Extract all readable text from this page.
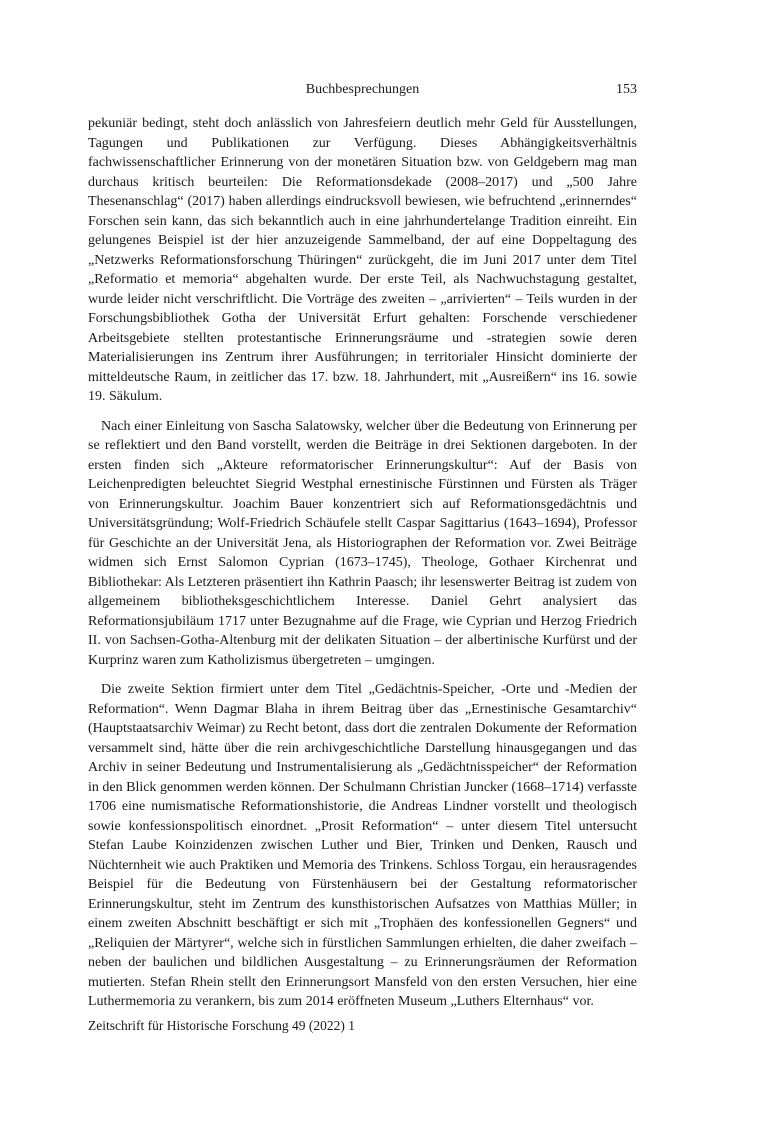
Buchbesprechungen	153

pekuniär bedingt, steht doch anlässlich von Jahresfeiern deutlich mehr Geld für Ausstellungen, Tagungen und Publikationen zur Verfügung. Dieses Abhängigkeitsverhältnis fachwissenschaftlicher Erinnerung von der monetären Situation bzw. von Geldgebern mag man durchaus kritisch beurteilen: Die Reformationsdekade (2008–2017) und „500 Jahre Thesenanschlag“ (2017) haben allerdings eindrucksvoll bewiesen, wie befruchtend „erinnerndes“ Forschen sein kann, das sich bekanntlich auch in eine jahrhundertelange Tradition einreiht. Ein gelungenes Beispiel ist der hier anzuzeigende Sammelband, der auf eine Doppeltagung des „Netzwerks Reformationsforschung Thüringen“ zurückgeht, die im Juni 2017 unter dem Titel „Reformatio et memoria“ abgehalten wurde. Der erste Teil, als Nachwuchstagung gestaltet, wurde leider nicht verschriftlicht. Die Vorträge des zweiten – „arrivierten“ – Teils wurden in der Forschungsbibliothek Gotha der Universität Erfurt gehalten: Forschende verschiedener Arbeitsgebiete stellten protestantische Erinnerungsräume und -strategien sowie deren Materialisierungen ins Zentrum ihrer Ausführungen; in territorialer Hinsicht dominierte der mitteldeutsche Raum, in zeitlicher das 17. bzw. 18. Jahrhundert, mit „Ausreißern“ ins 16. sowie 19. Säkulum.

Nach einer Einleitung von Sascha Salatowsky, welcher über die Bedeutung von Erinnerung per se reflektiert und den Band vorstellt, werden die Beiträge in drei Sektionen dargeboten. In der ersten finden sich „Akteure reformatorischer Erinnerungskultur“: Auf der Basis von Leichenpredigten beleuchtet Siegrid Westphal ernestinische Fürstinnen und Fürsten als Träger von Erinnerungskultur. Joachim Bauer konzentriert sich auf Reformationsgedächtnis und Universitätsgründung; Wolf-Friedrich Schäufele stellt Caspar Sagittarius (1643–1694), Professor für Geschichte an der Universität Jena, als Historiographen der Reformation vor. Zwei Beiträge widmen sich Ernst Salomon Cyprian (1673–1745), Theologe, Gothaer Kirchenrat und Bibliothekar: Als Letzteren präsentiert ihn Kathrin Paasch; ihr lesenswerter Beitrag ist zudem von allgemeinem bibliotheksgeschichtlichem Interesse. Daniel Gehrt analysiert das Reformationsjubiläum 1717 unter Bezugnahme auf die Frage, wie Cyprian und Herzog Friedrich II. von Sachsen-Gotha-Altenburg mit der delikaten Situation – der albertinische Kurfürst und der Kurprinz waren zum Katholizismus übergetreten – umgingen.

Die zweite Sektion firmiert unter dem Titel „Gedächtnis-Speicher, -Orte und -Medien der Reformation“. Wenn Dagmar Blaha in ihrem Beitrag über das „Ernestinische Gesamtarchiv“ (Hauptstaatsarchiv Weimar) zu Recht betont, dass dort die zentralen Dokumente der Reformation versammelt sind, hätte über die rein archivgeschichtliche Darstellung hinausgegangen und das Archiv in seiner Bedeutung und Instrumentalisierung als „Gedächtnisspeicher“ der Reformation in den Blick genommen werden können. Der Schulmann Christian Juncker (1668–1714) verfasste 1706 eine numismatische Reformationshistorie, die Andreas Lindner vorstellt und theologisch sowie konfessionspolitisch einordnet. „Prosit Reformation“ – unter diesem Titel untersucht Stefan Laube Koinzidenzen zwischen Luther und Bier, Trinken und Denken, Rausch und Nüchternheit wie auch Praktiken und Memoria des Trinkens. Schloss Torgau, ein herausragendes Beispiel für die Bedeutung von Fürstenhäusern bei der Gestaltung reformatorischer Erinnerungskultur, steht im Zentrum des kunsthistorischen Aufsatzes von Matthias Müller; in einem zweiten Abschnitt beschäftigt er sich mit „Trophäen des konfessionellen Gegners“ und „Reliquien der Märtyrer“, welche sich in fürstlichen Sammlungen erhielten, die daher zweifach – neben der baulichen und bildlichen Ausgestaltung – zu Erinnerungsräumen der Reformation mutierten. Stefan Rhein stellt den Erinnerungsort Mansfeld von den ersten Versuchen, hier eine Luthermemoria zu verankern, bis zum 2014 eröffneten Museum „Luthers Elternhaus“ vor.

Zeitschrift für Historische Forschung 49 (2022) 1
